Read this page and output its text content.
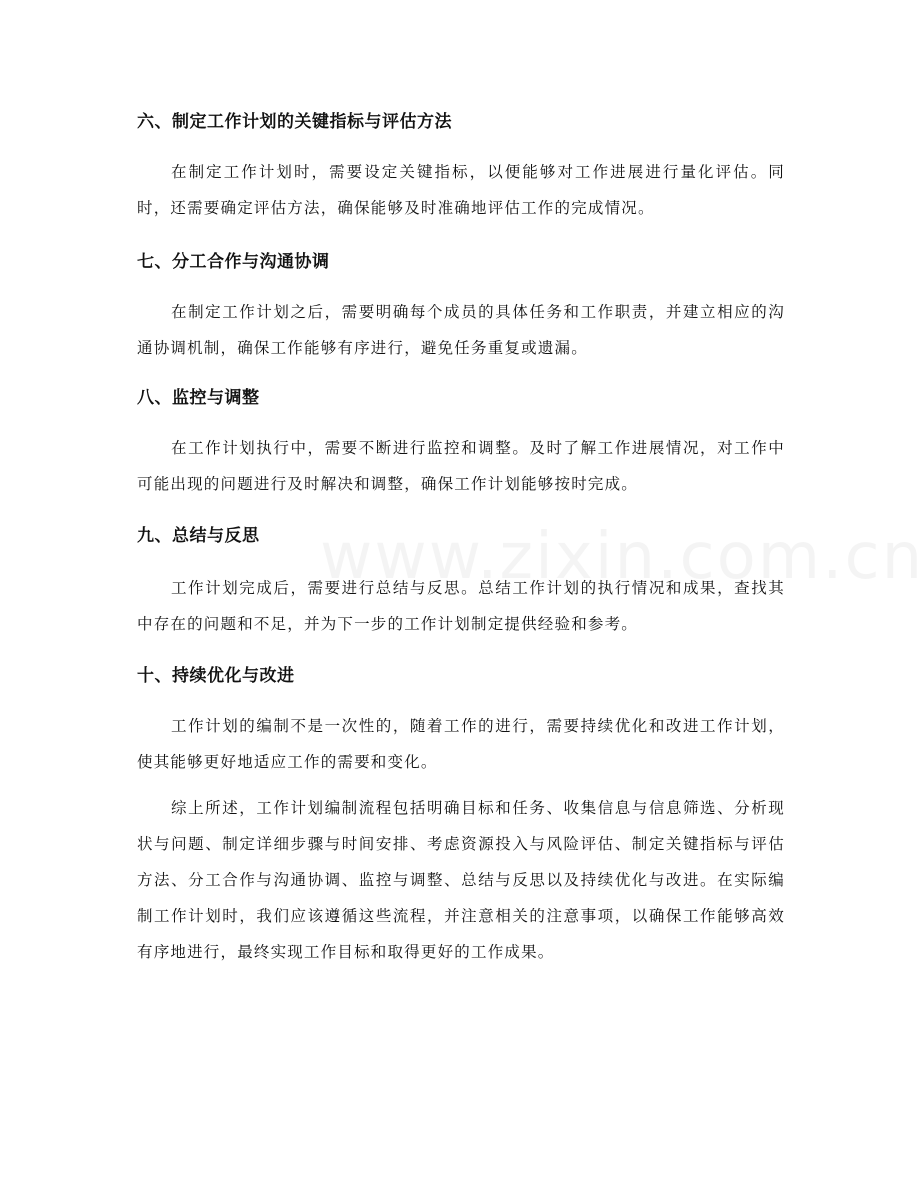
六、制定工作计划的关键指标与评估方法
在制定工作计划时，需要设定关键指标，以便能够对工作进展进行量化评估。同时，还需要确定评估方法，确保能够及时准确地评估工作的完成情况。
七、分工合作与沟通协调
在制定工作计划之后，需要明确每个成员的具体任务和工作职责，并建立相应的沟通协调机制，确保工作能够有序进行，避免任务重复或遗漏。
八、监控与调整
在工作计划执行中，需要不断进行监控和调整。及时了解工作进展情况，对工作中可能出现的问题进行及时解决和调整，确保工作计划能够按时完成。
九、总结与反思
工作计划完成后，需要进行总结与反思。总结工作计划的执行情况和成果，查找其中存在的问题和不足，并为下一步的工作计划制定提供经验和参考。
十、持续优化与改进
工作计划的编制不是一次性的，随着工作的进行，需要持续优化和改进工作计划，使其能够更好地适应工作的需要和变化。
综上所述，工作计划编制流程包括明确目标和任务、收集信息与信息筛选、分析现状与问题、制定详细步骤与时间安排、考虑资源投入与风险评估、制定关键指标与评估方法、分工合作与沟通协调、监控与调整、总结与反思以及持续优化与改进。在实际编制工作计划时，我们应该遵循这些流程，并注意相关的注意事项，以确保工作能够高效有序地进行，最终实现工作目标和取得更好的工作成果。
